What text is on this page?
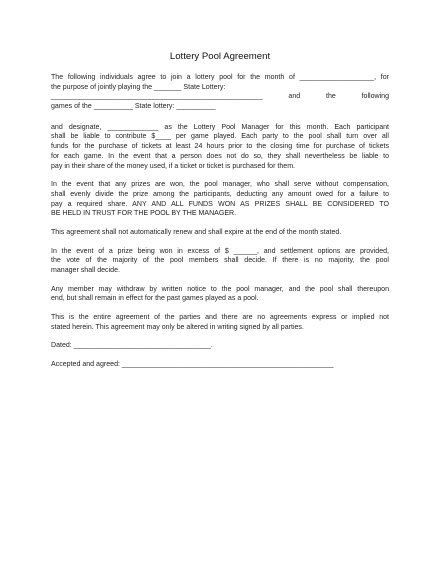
Lottery Pool Agreement
The following individuals agree to join a lottery pool for the month of ___________________, for
the purpose of jointly playing the _______ State Lottery:
______________________________________________________ and the following
games of the __________ State lottery: __________
and designate, _____________ as the Lottery Pool Manager for this month. Each participant
shall be liable to contribute $____ per game played. Each party to the pool shall turn over all
funds for the purchase of tickets at least 24 hours prior to the closing time for purchase of tickets
for each game. In the event that a person does not do so, they shall nevertheless be liable to
pay in their share of the money used, if a ticket or ticket is purchased for them.
In the event that any prizes are won, the pool manager, who shall serve without compensation,
shall evenly divide the prize among the participants, deducting any amount owed for a failure to
pay a required share. ANY AND ALL FUNDS WON AS PRIZES SHALL BE CONSIDERED TO
BE HELD IN TRUST FOR THE POOL BY THE MANAGER.
This agreement shall not automatically renew and shall expire at the end of the month stated.
In the event of a prize being won in excess of $ ______, and settlement options are provided,
the vote of the majority of the pool members shall decide. If there is no majority, the pool
manager shall decide.
Any member may withdraw by written notice to the pool manager, and the pool shall thereupon
end, but shall remain in effect for the past games played as a pool.
This is the entire agreement of the parties and there are no agreements express or implied not
stated herein. This agreement may only be altered in writing signed by all parties.
Dated: ___________________________________.
Accepted and agreed: ______________________________________________________
